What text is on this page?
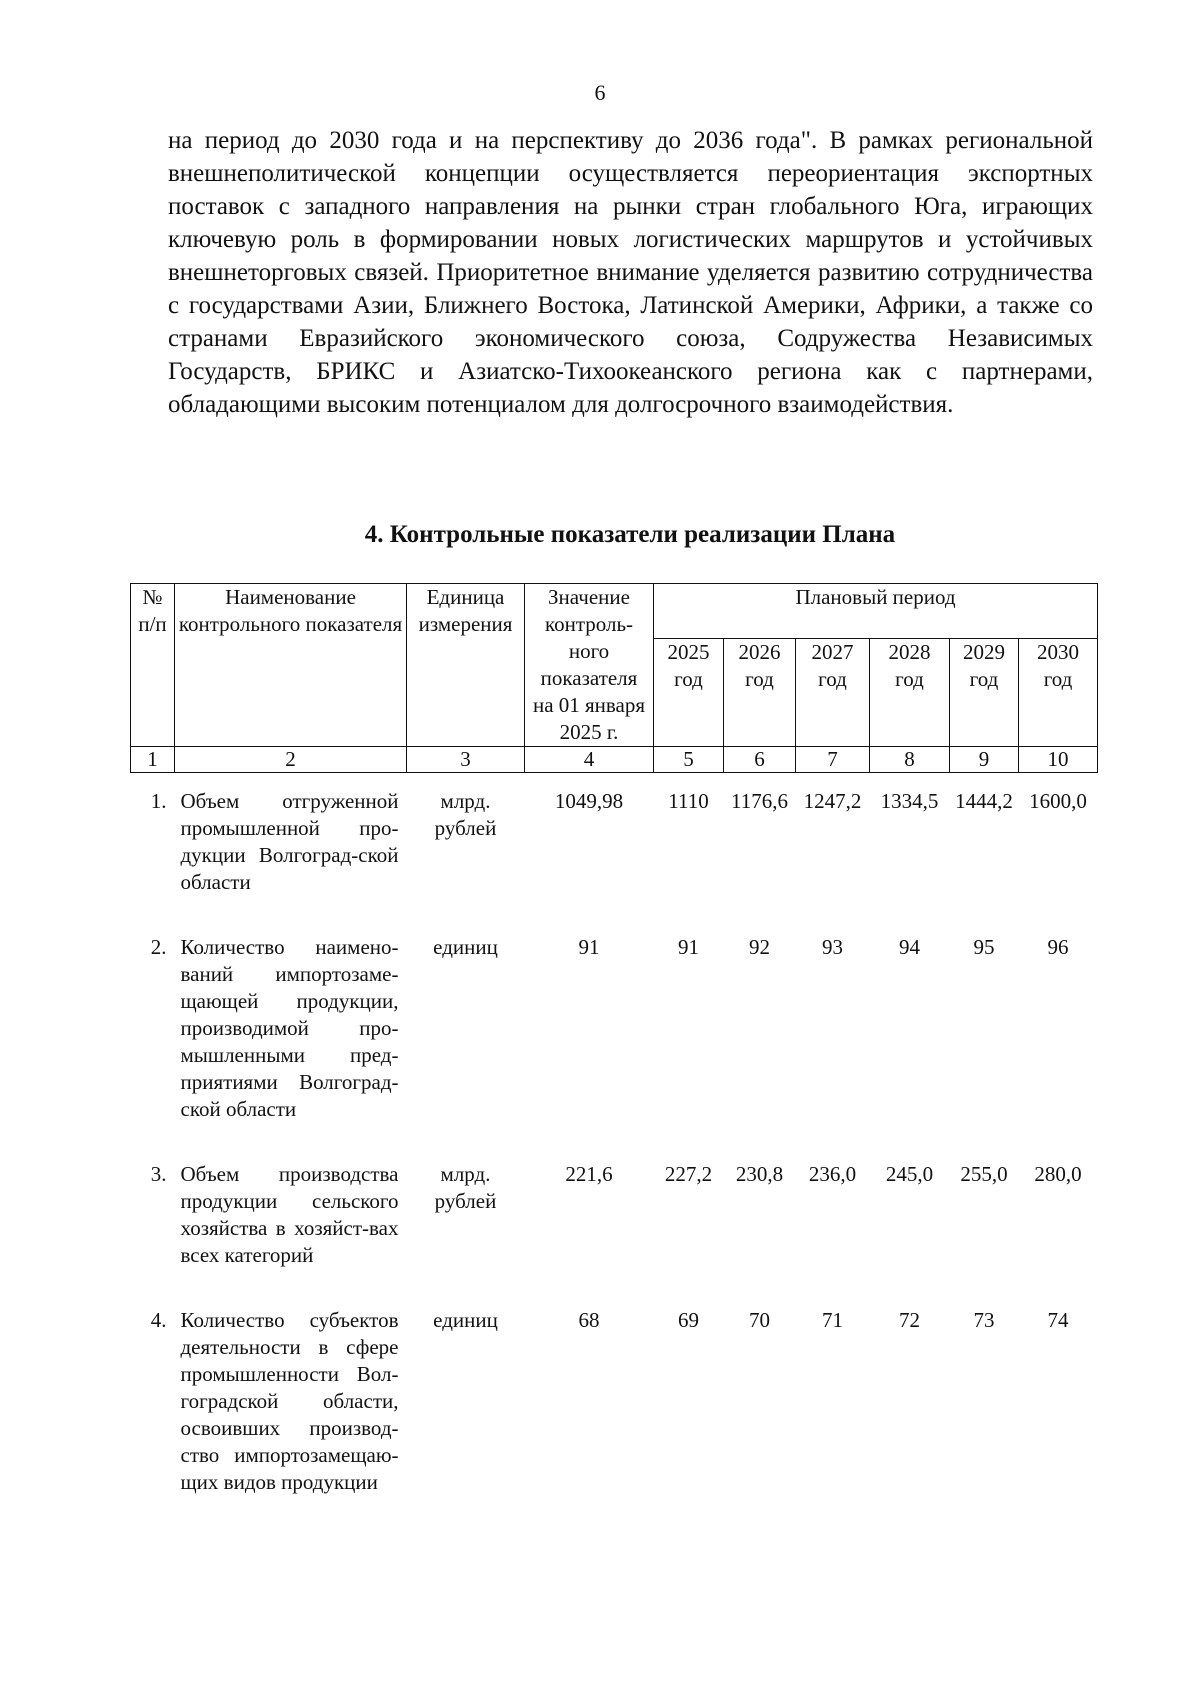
6

на период до 2030 года и на перспективу до 2036 года". В рамках региональной внешнеполитической концепции осуществляется переориентация экспортных поставок с западного направления на рынки стран глобального Юга, играющих ключевую роль в формировании новых логистических маршрутов и устойчивых внешнеторговых связей. Приоритетное внимание уделяется развитию сотрудничества с государствами Азии, Ближнего Востока, Латинской Америки, Африки, а также со странами Евразийского экономического союза, Содружества Независимых Государств, БРИКС и Азиатско-Тихоокеанского региона как с партнерами, обладающими высоким потенциалом для долгосрочного взаимодействия.

4. Контрольные показатели реализации Плана
№ п/п	Наименование контрольного показателя	Единица измерения	Значение контроль-ного показателя на 01 января 2025 г.	Плановый период					
				2025 год	2026 год	2027 год	2028 год	2029 год	2030 год
1	2	3	4	5	6	7	8	9	10
1.	Объем отгруженной промышленной про-дукции Волгоград-ской области	млрд. рублей	1049,98	1110	1176,6	1247,2	1334,5	1444,2	1600,0
2.	Количество наимено-ваний импортозаме-щающей продукции, производимой про-мышленными пред-приятиями Волгоград-ской области	единиц	91	91	92	93	94	95	96
3.	Объем производства продукции сельского хозяйства в хозяйст-вах всех категорий	млрд. рублей	221,6	227,2	230,8	236,0	245,0	255,0	280,0
4.	Количество субъектов деятельности в сфере промышленности Вол-гоградской области, освоивших производ-ство импортозамещаю-щих видов продукции	единиц	68	69	70	71	72	73	74
